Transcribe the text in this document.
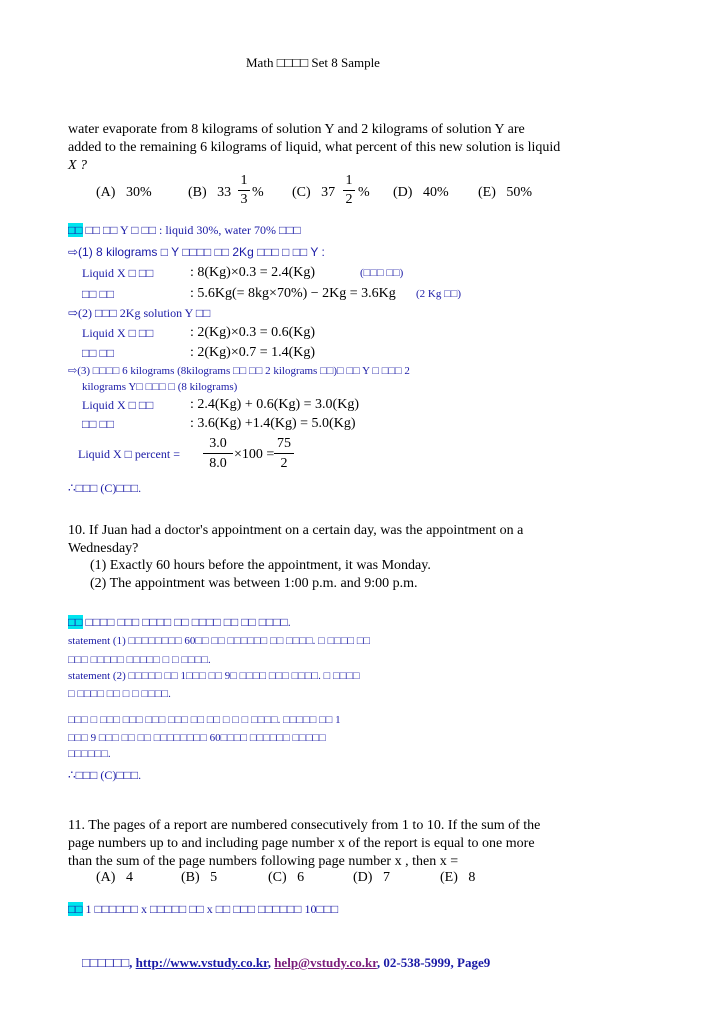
Math □□□□ Set 8 Sample
water evaporate from 8 kilograms of solution Y and 2 kilograms of solution Y are
added to the remaining 6 kilograms of liquid, what percent of this new solution is liquid
X ?
(A) 30%	(B) 33
1
3 % (C) 37
1
2 % (D) 40% (E) 50%
□□ □□ □□ Y □ □□ : liquid 30%, water 70% □□□
⇨(1) 8 kilograms □ Y □□□□ □□ 2Kg □□□ □ □□ Y :
Liquid X □ □□	: 8(Kg)×0.3 = 2.4(Kg)	(□□□ □□)
□□ □□	: 5.6Kg(= 8kg×70%) − 2Kg = 3.6Kg (2 Kg □□)
⇨(2) □□□ 2Kg solution Y □□
Liquid X □ □□	: 2(Kg)×0.3 = 0.6(Kg)
□□ □□	: 2(Kg)×0.7 = 1.4(Kg)
⇨(3) □□□□ 6 kilograms (8kilograms □□ □□ 2 kilograms □□)□ □□ Y □ □□□ 2
kilograms Y□ □□□ □ (8 kilograms)
Liquid X □ □□	: 2.4(Kg) + 0.6(Kg) = 3.0(Kg)
□□ □□	: 3.6(Kg) +1.4(Kg) = 5.0(Kg)
Liquid X □ percent =
3.0
8.0
×100 =
75
2
∴□□□ (C)□□□.
10. If Juan had a doctor's appointment on a certain day, was the appointment on a
Wednesday?
(1) Exactly 60 hours before the appointment, it was Monday.
(2) The appointment was between 1:00 p.m. and 9:00 p.m.
□□ □□□□ □□□ □□□□ □□ □□□□ □□ □□ □□□□.
statement (1) □□□□□□□□ 60□□ □□ □□□□□□ □□ □□□□. □ □□□□ □□
□□□ □□□□□ □□□□□ □ □ □□□□.
statement (2) □□□□□ □□ 1□□□ □□ 9□ □□□□ □□□ □□□□. □ □□□□
□ □□□□ □□ □ □ □□□□.
□□□ □ □□□ □□□ □□□ □□□ □□ □□ □ □ □ □□□□. □□□□□ □□ 1
□□□ 9 □□□ □□ □□ □□□□□□□□ 60□□□□ □□□□□□ □□□□□
□□□□□□.
∴□□□ (C)□□□.
11. The pages of a report are numbered consecutively from 1 to 10. If the sum of the
page numbers up to and including page number x of the report is equal to one more
than the sum of the page numbers following page number x , then x =
(A) 4	(B) 5	(C) 6	(D) 7	(E) 8
□□ 1 □□□□□□ x □□□□□ □□ x □□ □□□ □□□□□□ 10□□□
□□□□□□, http://www.vstudy.co.kr, help@vstudy.co.kr, 02-538-5999, Page9
